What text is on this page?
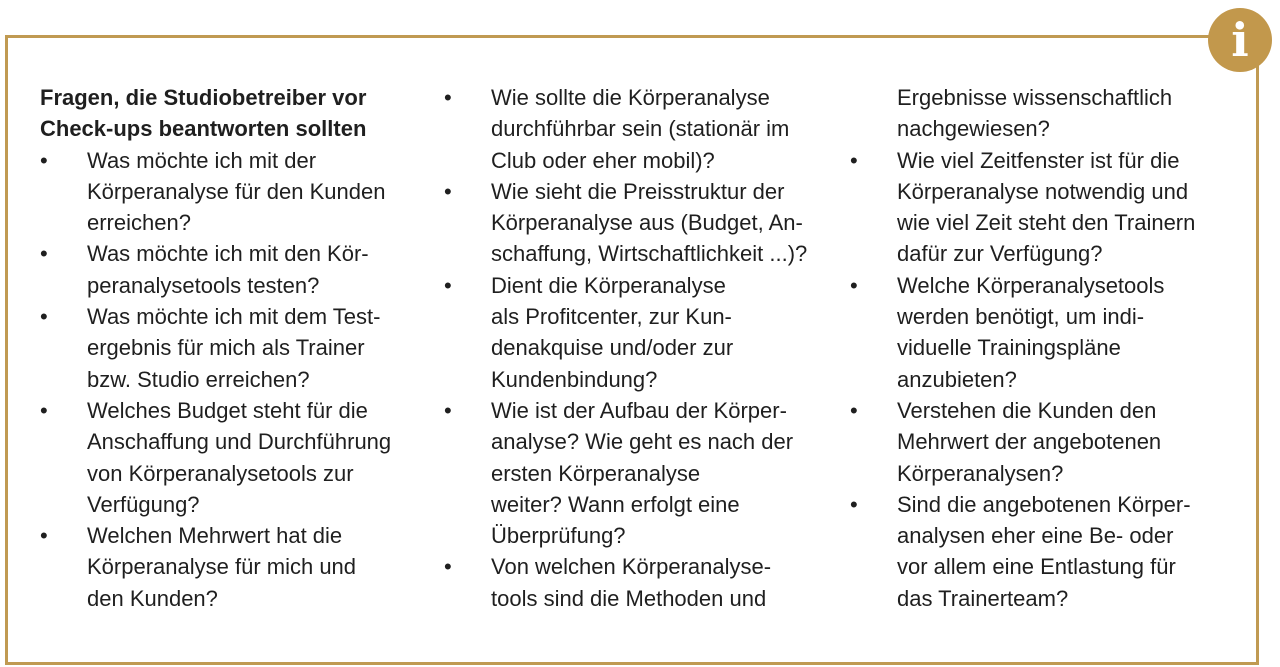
i

Fragen, die Studiobetreiber vor
Check-ups beantworten sollten

• Was möchte ich mit der
Körperanalyse für den Kunden
erreichen?
• Was möchte ich mit den Kör-
peranalysetools testen?
• Was möchte ich mit dem Test-
ergebnis für mich als Trainer
bzw. Studio erreichen?
• Welches Budget steht für die
Anschaffung und Durchführung
von Körperanalysetools zur
Verfügung?
• Welchen Mehrwert hat die
Körperanalyse für mich und
den Kunden?
• Wie sollte die Körperanalyse
durchführbar sein (stationär im
Club oder eher mobil)?
• Wie sieht die Preisstruktur der
Körperanalyse aus (Budget, An-
schaffung, Wirtschaftlichkeit ...)?
• Dient die Körperanalyse
als Profitcenter, zur Kun-
denakquise und/oder zur
Kundenbindung?
• Wie ist der Aufbau der Körper-
analyse? Wie geht es nach der
ersten Körperanalyse
weiter? Wann erfolgt eine
Überprüfung?
• Von welchen Körperanalyse-
tools sind die Methoden und
Ergebnisse wissenschaftlich
nachgewiesen?
• Wie viel Zeitfenster ist für die
Körperanalyse notwendig und
wie viel Zeit steht den Trainern
dafür zur Verfügung?
• Welche Körperanalysetools
werden benötigt, um indi-
viduelle Trainingspläne
anzubieten?
• Verstehen die Kunden den
Mehrwert der angebotenen
Körperanalysen?
• Sind die angebotenen Körper-
analysen eher eine Be- oder
vor allem eine Entlastung für
das Trainerteam?
